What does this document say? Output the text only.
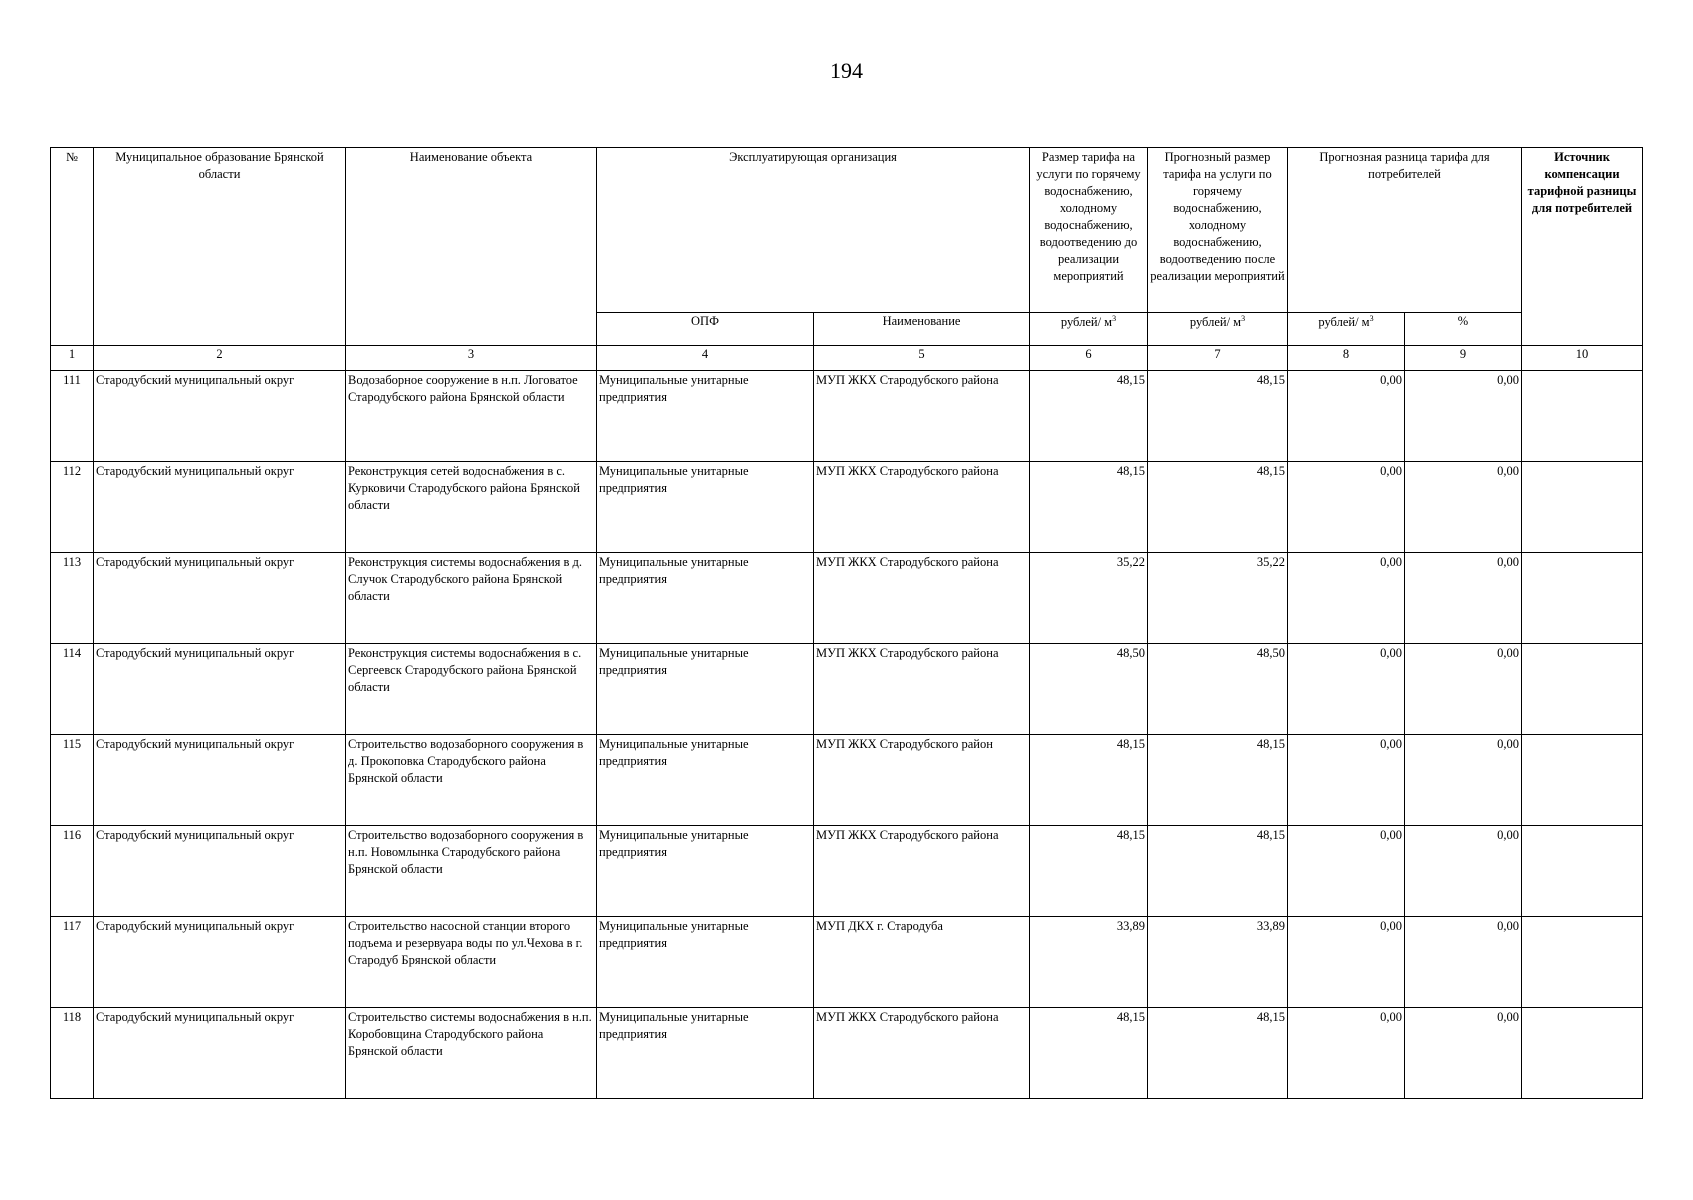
194
№	Муниципальное образование Брянской области	Наименование объекта	Эксплуатирующая организация		Размер тарифа на услуги по горячему водоснабжению, холодному водоснабжению, водоотведению до реализации мероприятий	Прогнозный размер тарифа на услуги по горячему водоснабжению, холодному водоснабжению, водоотведению после реализации мероприятий	Прогнозная разница тарифа для потребителей		Источник компенсации тарифной разницы для потребителей
			ОПФ	Наименование	рублей/ $м^3$	рублей/ $м^3$	рублей/ $м^3$	%	
1	2	3	4	5	6	7	8	9	10
111	Стародубский муниципальный округ	Водозаборное сооружение в н.п. Логоватое Стародубского района Брянской области	Муниципальные унитарные предприятия	МУП ЖКХ Стародубского района	48,15	48,15	0,00	0,00	
112	Стародубский муниципальный округ	Реконструкция сетей водоснабжения в с. Курковичи Стародубского района Брянской области	Муниципальные унитарные предприятия	МУП ЖКХ Стародубского района	48,15	48,15	0,00	0,00	
113	Стародубский муниципальный округ	Реконструкция системы водоснабжения в д. Случок Стародубского района Брянской области	Муниципальные унитарные предприятия	МУП ЖКХ Стародубского района	35,22	35,22	0,00	0,00	
114	Стародубский муниципальный округ	Реконструкция системы водоснабжения в с. Сергеевск Стародубского района Брянской области	Муниципальные унитарные предприятия	МУП ЖКХ Стародубского района	48,50	48,50	0,00	0,00	
115	Стародубский муниципальный округ	Строительство водозаборного сооружения в д. Прокоповка Стародубского района Брянской области	Муниципальные унитарные предприятия	МУП ЖКХ Стародубского район	48,15	48,15	0,00	0,00	
116	Стародубский муниципальный округ	Строительство водозаборного сооружения в н.п. Новомлынка Стародубского района Брянской области	Муниципальные унитарные предприятия	МУП ЖКХ Стародубского района	48,15	48,15	0,00	0,00	
117	Стародубский муниципальный округ	Строительство насосной станции второго подъема и резервуара воды по ул.Чехова в г. Стародуб Брянской области	Муниципальные унитарные предприятия	МУП ДКХ г. Стародуба	33,89	33,89	0,00	0,00	
118	Стародубский муниципальный округ	Строительство системы водоснабжения в н.п. Коробовщина Стародубского района Брянской области	Муниципальные унитарные предприятия	МУП ЖКХ Стародубского района	48,15	48,15	0,00	0,00	
